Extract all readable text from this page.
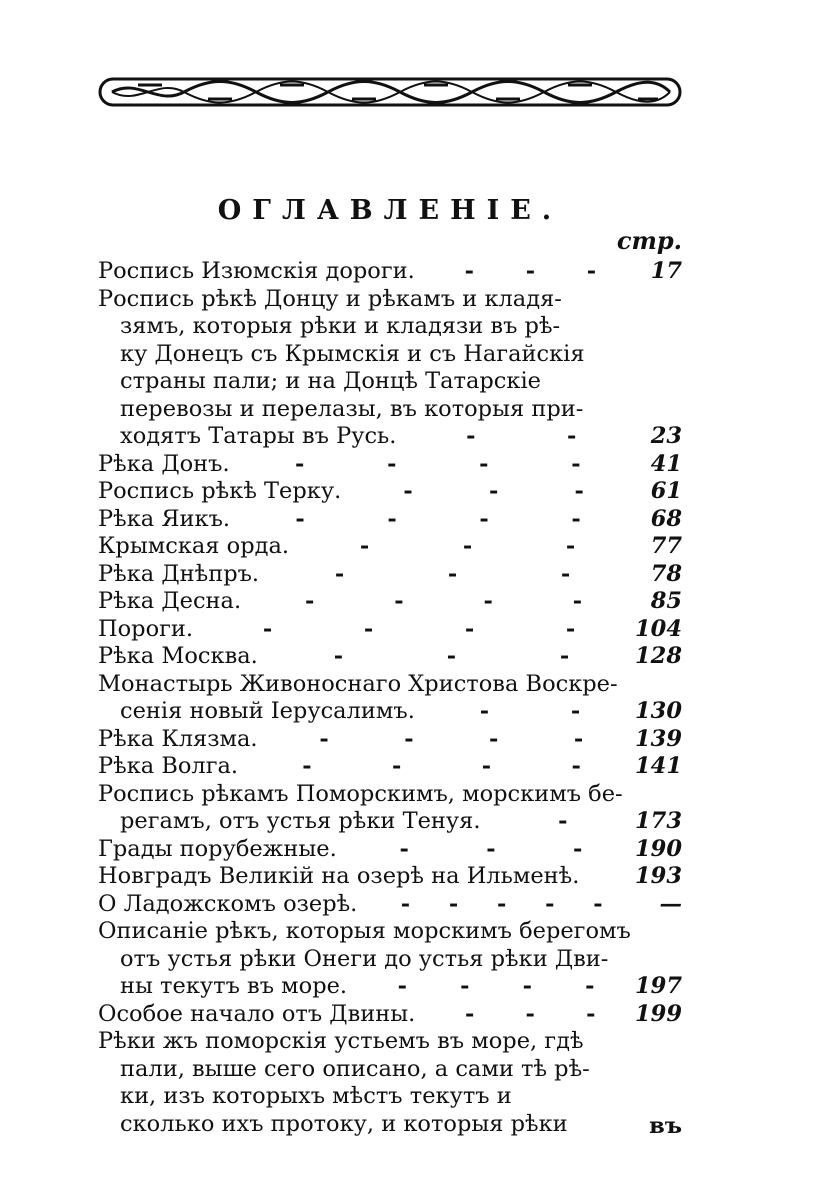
ОГЛАВЛЕНІЕ.
стр.
Роспись Изюмскія дороги. - - -	17
Роспись рѣкѣ Донцу и рѣкамъ и кладя-
зямъ, которыя рѣки и кладязи въ рѣ-
ку Донецъ съ Крымскія и съ Нагайскія
страны пали; и на Донцѣ Татарскіе
перевозы и перелазы, въ которыя при-
ходятъ Татары въ Русь.	-	-	23
Рѣка Донъ.	-	-	-	-	41
Роспись рѣкѣ Терку.	-	-	-	61
Рѣка Яикъ.	-	-	-	-	68
Крымская орда.	-	-	-	77
Рѣка Днѣпръ.	-	-	-	78
Рѣка Десна.	-	-	-	-	85
Пороги.	-	-	-	-	104
Рѣка Москва.	-	-	-	128
Монастырь Живоноснаго Христова Воскре-
сенія новый Іерусалимъ.	-	- 130
Рѣка Клязма.	-	-	-	- 139
Рѣка Волга.	-	-	-	- 141
Роспись рѣкамъ Поморскимъ, морскимъ бе-
регамъ, отъ устья рѣки Тенуя.	-	173
Грады порубежные.	-	-	- 190
Новградъ Великій на озерѣ на Ильменѣ. 193
О Ладожскомъ озерѣ. - - - - -	—
Описаніе рѣкъ, которыя морскимъ берегомъ
отъ устья рѣки Онеги до устья рѣки Дви-
ны текутъ въ море. - - - - 197
Особое начало отъ Двины. - - - 199
Рѣки жъ поморскія устьемъ въ море, гдѣ
пали, выше сего описано, а сами тѣ рѣ-
ки, изъ которыхъ мѣстъ текутъ и
сколько ихъ протоку, и которыя рѣки	въ
